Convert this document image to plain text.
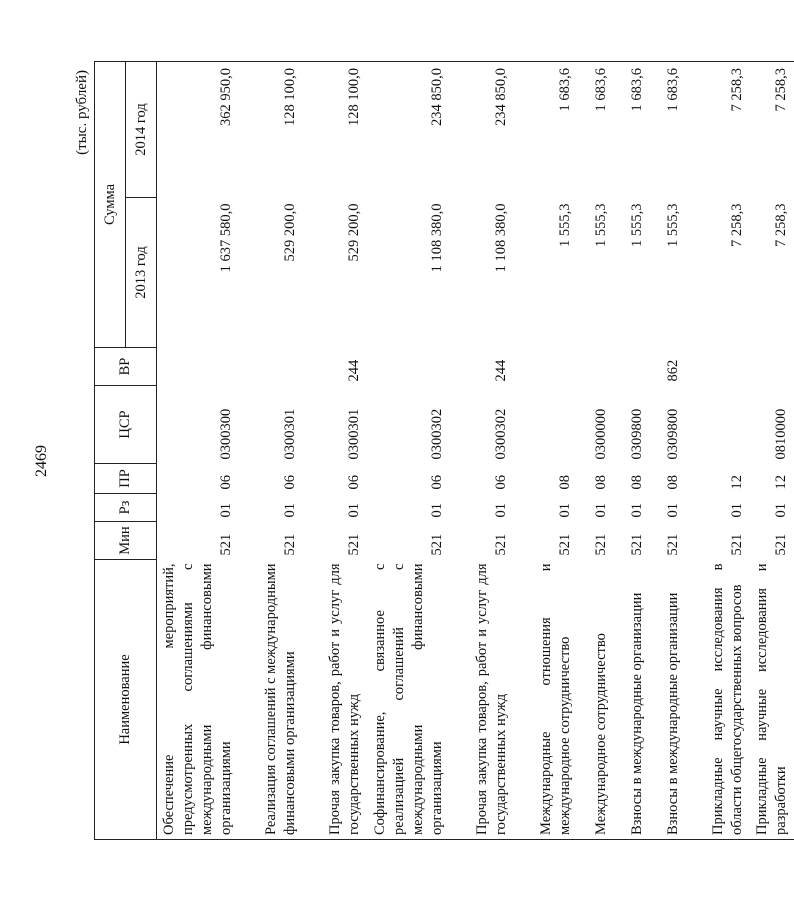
2469
(тыс. рублей)
Наименование	Мин	Рз	ПР	ЦСР	ВР	Сумма	
						2013 год	2014 год
Обеспечение мероприятий, предусмотренных соглашениями с международными финансовыми организациями	521	01	06	0300300		1 637 580,0	362 950,0
Реализация соглашений с международными финансовыми организациями	521	01	06	0300301		529 200,0	128 100,0
Прочая закупка товаров, работ и услуг для государственных нужд	521	01	06	0300301	244	529 200,0	128 100,0
Софинансирование, связанное с реализацией соглашений с международными финансовыми организациями	521	01	06	0300302		1 108 380,0	234 850,0
Прочая закупка товаров, работ и услуг для государственных нужд	521	01	06	0300302	244	1 108 380,0	234 850,0
Международные отношения и международное сотрудничество	521	01	08			1 555,3	1 683,6
Международное сотрудничество	521	01	08	0300000		1 555,3	1 683,6
Взносы в международные организации	521	01	08	0309800		1 555,3	1 683,6
Взносы в международные организации	521	01	08	0309800	862	1 555,3	1 683,6
Прикладные научные исследования в области общегосударственных вопросов	521	01	12			7 258,3	7 258,3
Прикладные научные исследования и разработки	521	01	12	0810000		7 258,3	7 258,3
